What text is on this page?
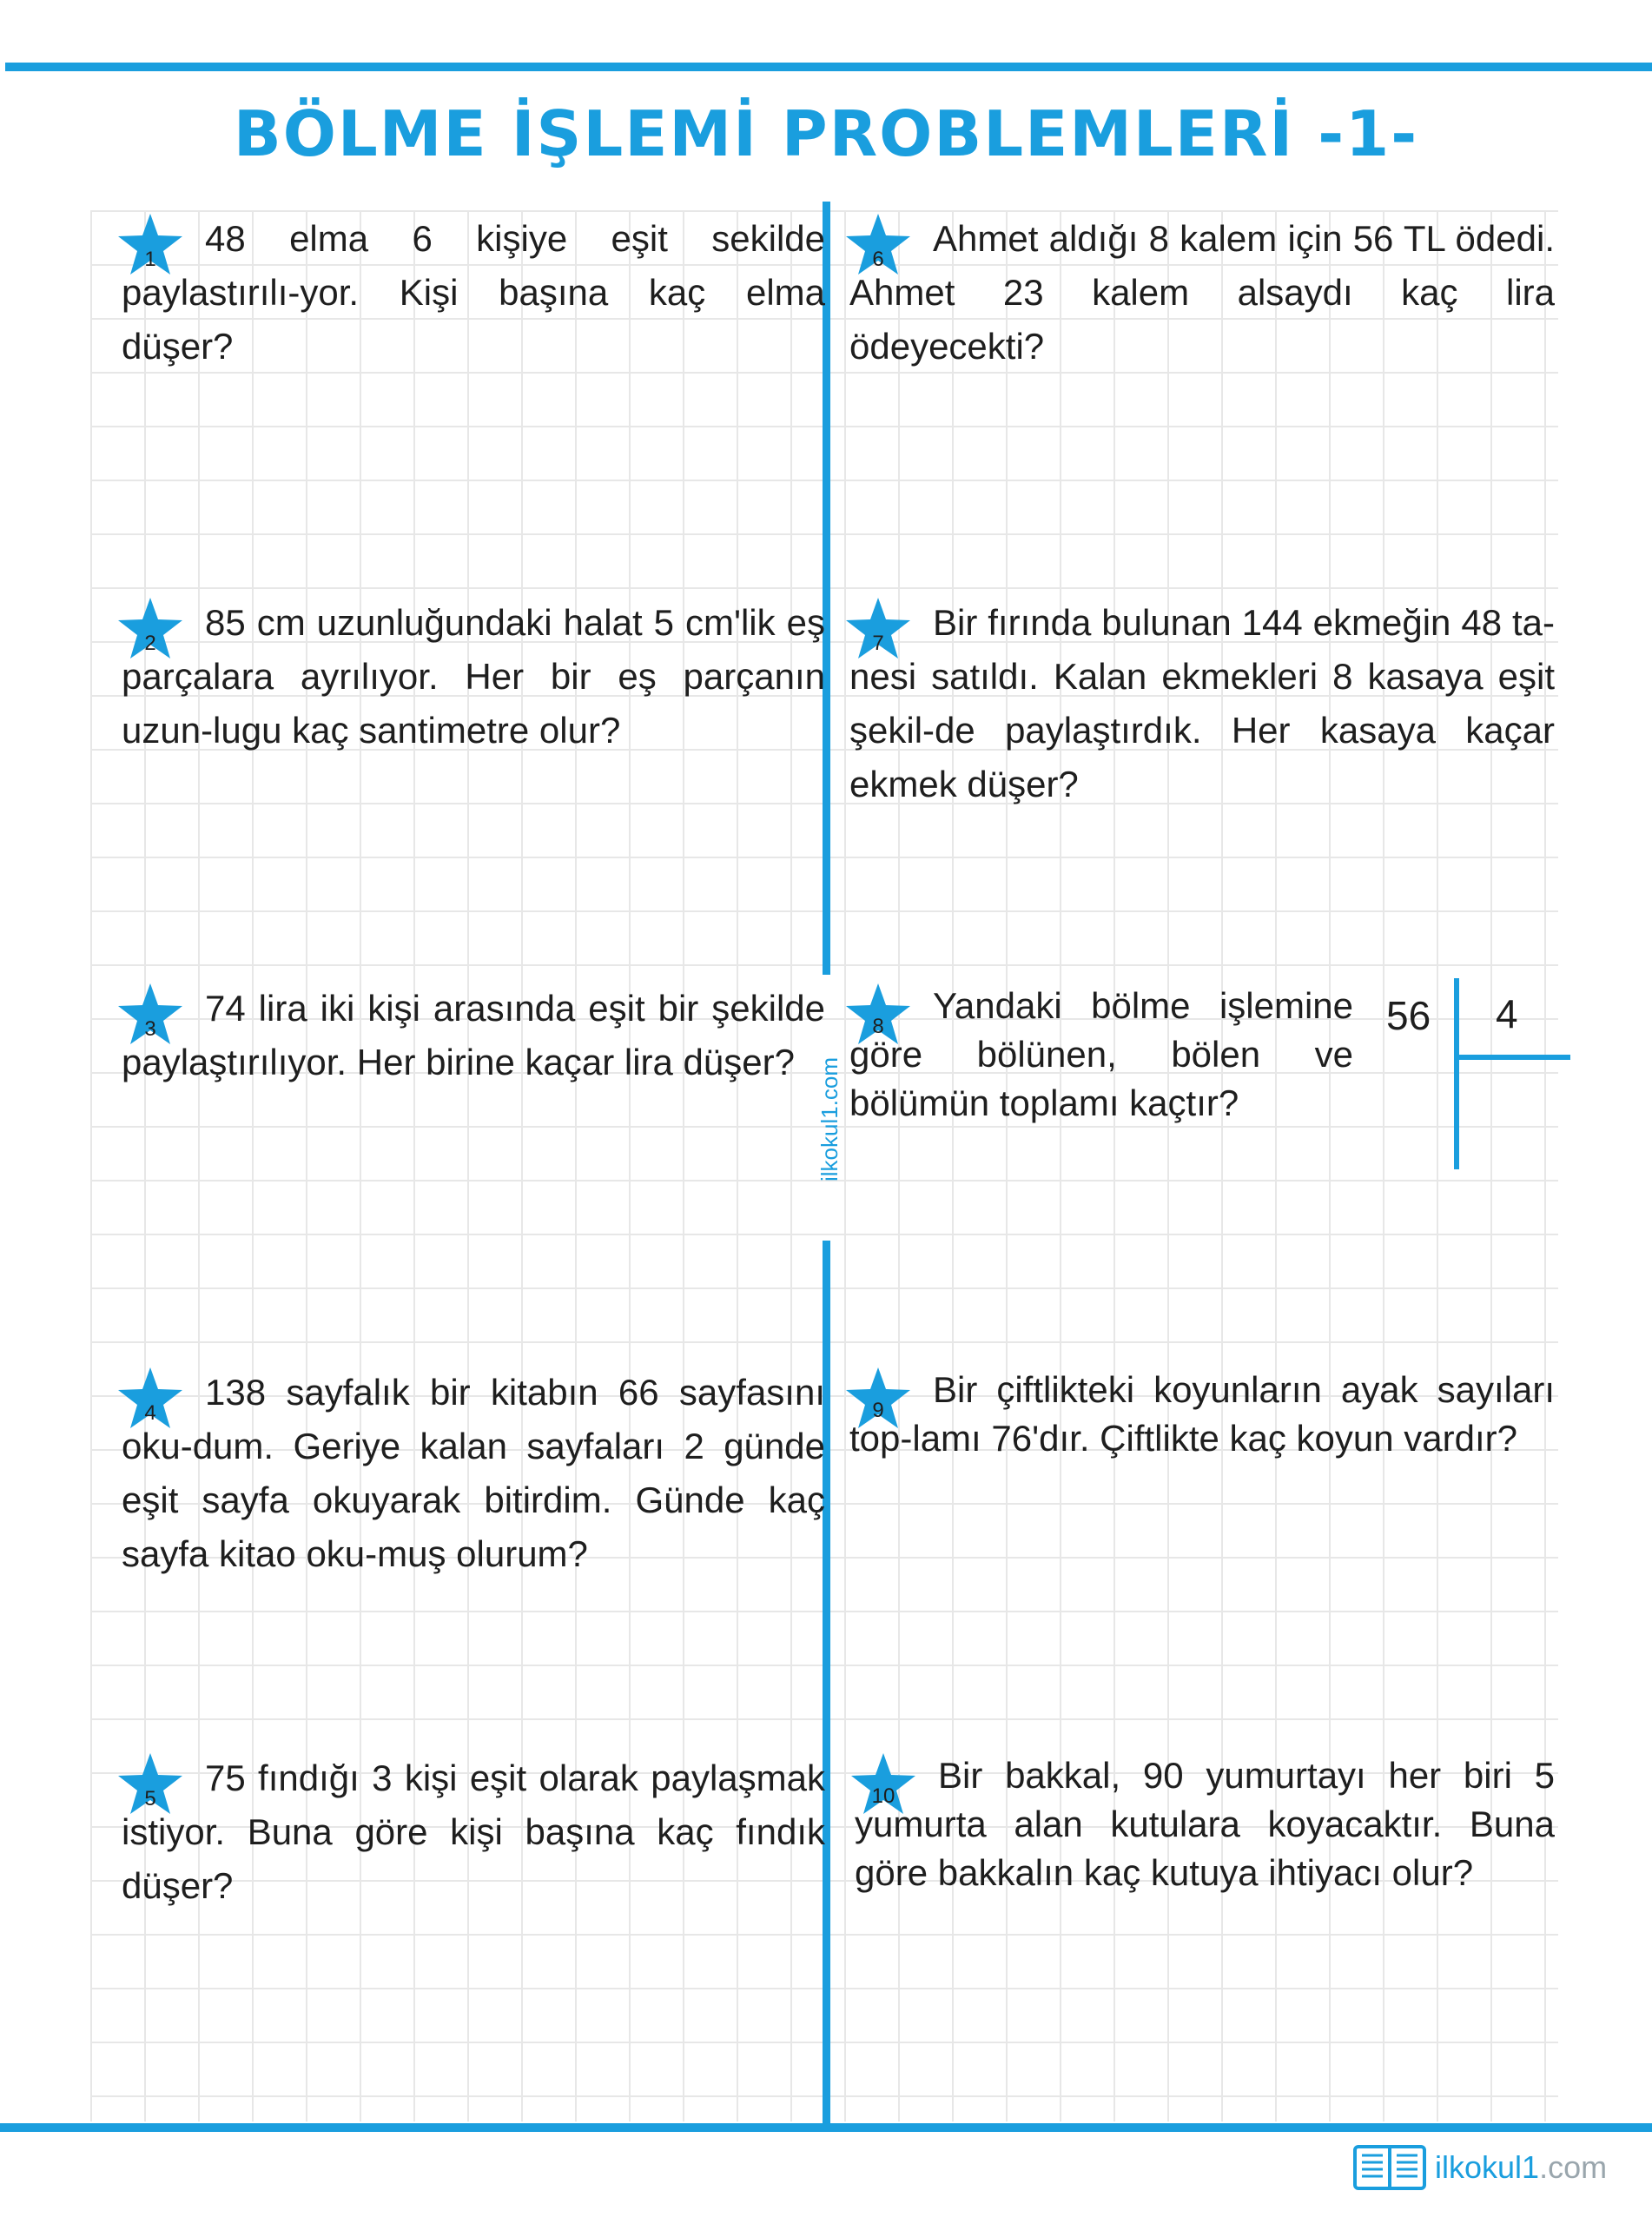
BÖLME İŞLEMİ PROBLEMLERİ -1-
ilkokul1.com
1
48 elma 6 kişiye eşit sekilde paylastırılı-yor. Kişi başına kaç elma düşer?
2
85 cm uzunluğundaki halat 5 cm'lik eş parçalara ayrılıyor. Her bir eş parçanın uzun-lugu kaç santimetre olur?
3
74 lira iki kişi arasında eşit bir şekilde paylaştırılıyor. Her birine kaçar lira düşer?
4
138 sayfalık bir kitabın 66 sayfasını oku-dum. Geriye kalan sayfaları 2 günde eşit sayfa okuyarak bitirdim. Günde kaç sayfa kitao oku-muş olurum?
5
75 fındığı 3 kişi eşit olarak paylaşmak istiyor. Buna göre kişi başına kaç fındık düşer?
6
Ahmet aldığı 8 kalem için 56 TL ödedi. Ahmet 23 kalem alsaydı kaç lira ödeyecekti?
7
Bir fırında bulunan 144 ekmeğin 48 ta-nesi satıldı. Kalan ekmekleri 8 kasaya eşit şekil-de paylaştırdık. Her kasaya kaçar ekmek düşer?
8
Yandaki bölme işlemine göre bölünen, bölen ve bölümün toplamı kaçtır?
56 4
9
Bir çiftlikteki koyunların ayak sayıları top-lamı 76'dır. Çiftlikte kaç koyun vardır?
10
Bir bakkal, 90 yumurtayı her biri 5 yumurta alan kutulara koyacaktır. Buna göre bakkalın kaç kutuya ihtiyacı olur?
ilkokul1.com
